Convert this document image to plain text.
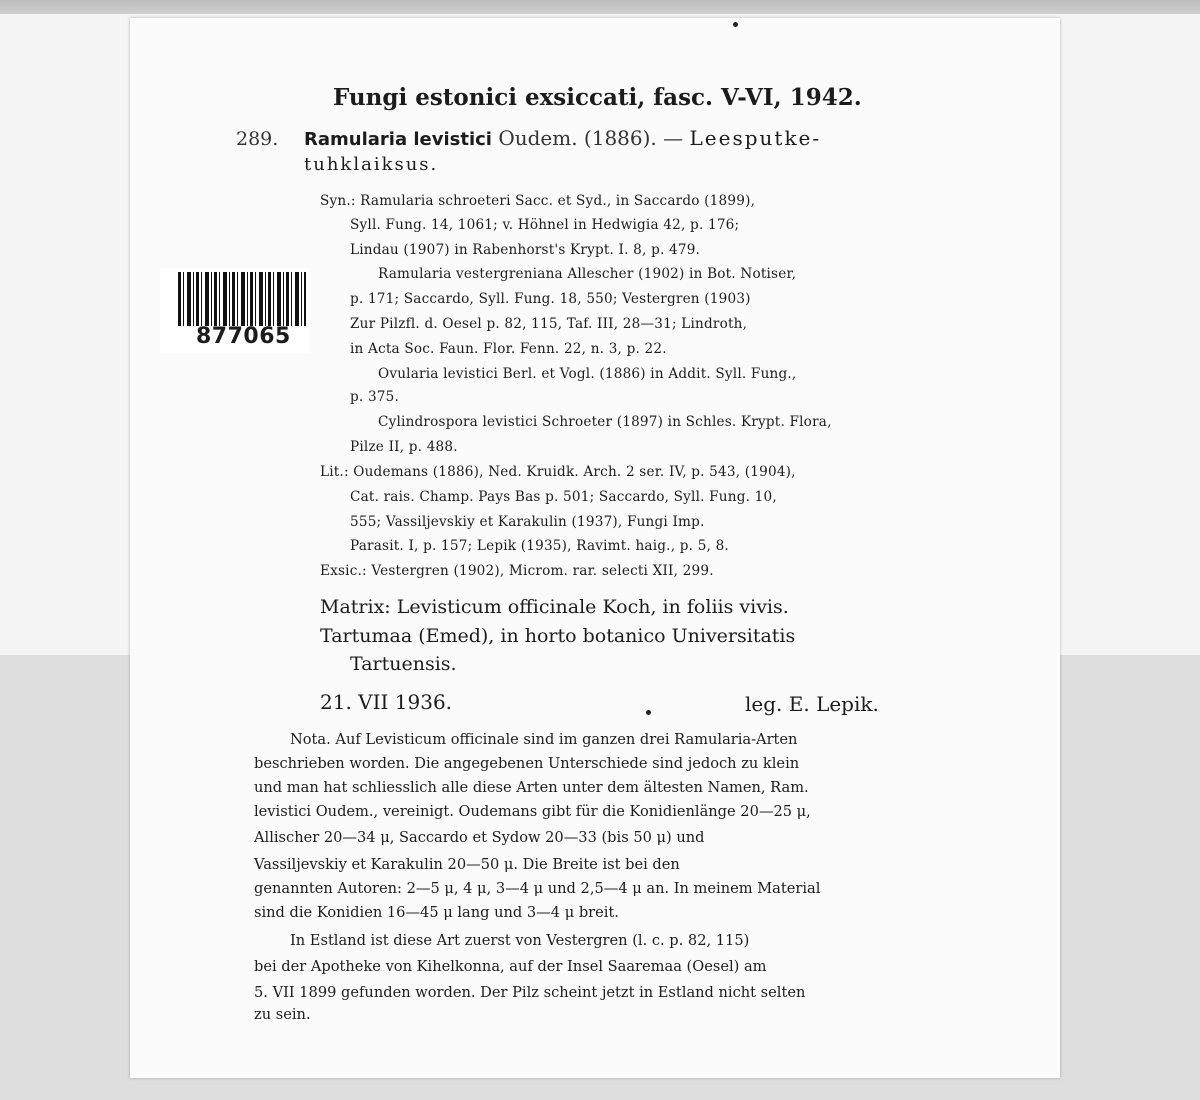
877065
Fungi estonici exsiccati, fasc. V-VI, 1942.
289. Ramularia levistici Oudem. (1886). — Leesputke-
tuhklaiksus.
Syn.: Ramularia schroeteri Sacc. et Syd., in Saccardo (1899),
Syll. Fung. 14, 1061; v. Höhnel in Hedwigia 42, p. 176;
Lindau (1907) in Rabenhorst's Krypt. I. 8, p. 479.
Ramularia vestergreniana Allescher (1902) in Bot. Notiser,
p. 171; Saccardo, Syll. Fung. 18, 550; Vestergren (1903)
Zur Pilzfl. d. Oesel p. 82, 115, Taf. III, 28—31; Lindroth,
in Acta Soc. Faun. Flor. Fenn. 22, n. 3, p. 22.
Ovularia levistici Berl. et Vogl. (1886) in Addit. Syll. Fung.,
p. 375.
Cylindrospora levistici Schroeter (1897) in Schles. Krypt. Flora,
Pilze II, p. 488.
Lit.: Oudemans (1886), Ned. Kruidk. Arch. 2 ser. IV, p. 543, (1904),
Cat. rais. Champ. Pays Bas p. 501; Saccardo, Syll. Fung. 10,
555; Vassiljevskiy et Karakulin (1937), Fungi Imp.
Parasit. I, p. 157; Lepik (1935), Ravimt. haig., p. 5, 8.
Exsic.: Vestergren (1902), Microm. rar. selecti XII, 299.
Matrix: Levisticum officinale Koch, in foliis vivis.
Tartumaa (Emed), in horto botanico Universitatis
Tartuensis.
21. VII 1936.	leg. E. Lepik.
Nota. Auf Levisticum officinale sind im ganzen drei Ramularia-Arten
beschrieben worden. Die angegebenen Unterschiede sind jedoch zu klein
und man hat schliesslich alle diese Arten unter dem ältesten Namen, Ram.
levistici Oudem., vereinigt. Oudemans gibt für die Konidienlänge 20—25 μ,
Allischer 20—34 μ, Saccardo et Sydow 20—33 (bis 50 μ) und
Vassiljevskiy et Karakulin 20—50 μ. Die Breite ist bei den
genannten Autoren: 2—5 μ, 4 μ, 3—4 μ und 2,5—4 μ an. In meinem Material
sind die Konidien 16—45 μ lang und 3—4 μ breit.
In Estland ist diese Art zuerst von Vestergren (l. c. p. 82, 115)
bei der Apotheke von Kihelkonna, auf der Insel Saaremaa (Oesel) am
5. VII 1899 gefunden worden. Der Pilz scheint jetzt in Estland nicht selten
zu sein.
